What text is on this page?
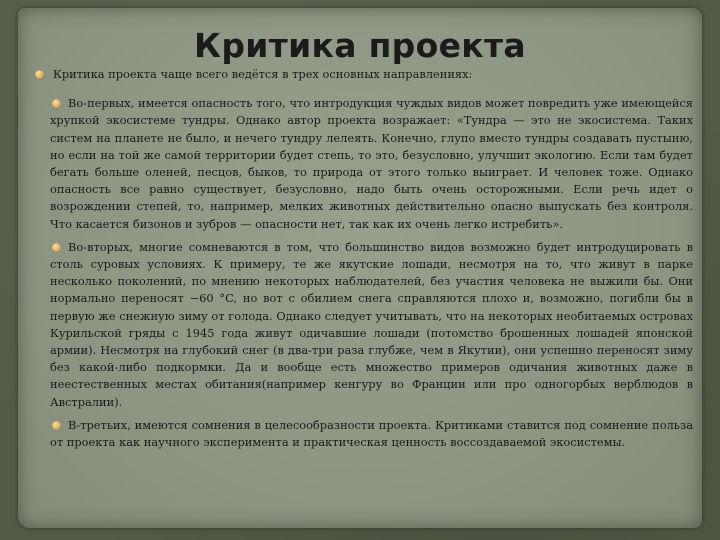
Критика проекта
Критика проекта чаще всего ведётся в трех основных направлениях:
Во-первых, имеется опасность того, что интродукция чуждых видов может повредить уже имеющейся хрупкой экосистеме тундры. Однако автор проекта возражает: «Тундра — это не экосистема. Таких систем на планете не было, и нечего тундру лелеять. Конечно, глупо вместо тундры создавать пустыню, но если на той же самой территории будет степь, то это, безусловно, улучшит экологию. Если там будет бегать больше оленей, песцов, быков, то природа от этого только выиграет. И человек тоже. Однако опасность все равно существует, безусловно, надо быть очень осторожными. Если речь идет о возрождении степей, то, например, мелких животных действительно опасно выпускать без контроля. Что касается бизонов и зубров — опасности нет, так как их очень легко истребить».
Во-вторых, многие сомневаются в том, что большинство видов возможно будет интродуцировать в столь суровых условиях. К примеру, те же якутские лошади, несмотря на то, что живут в парке несколько поколений, по мнению некоторых наблюдателей, без участия человека не выжили бы. Они нормально переносят −60 °C, но вот с обилием снега справляются плохо и, возможно, погибли бы в первую же снежную зиму от голода. Однако следует учитывать, что на некоторых необитаемых островах Курильской гряды с 1945 года живут одичавшие лошади (потомство брошенных лошадей японской армии). Несмотря на глубокий снег (в два-три раза глубже, чем в Якутии), они успешно переносят зиму без какой-либо подкормки. Да и вообще есть множество примеров одичания животных даже в неестественных местах обитания(например кенгуру во Франции или про одногорбых верблюдов в Австралии).
В-третьих, имеются сомнения в целесообразности проекта. Критиками ставится под сомнение польза от проекта как научного эксперимента и практическая ценность воссоздаваемой экосистемы.
